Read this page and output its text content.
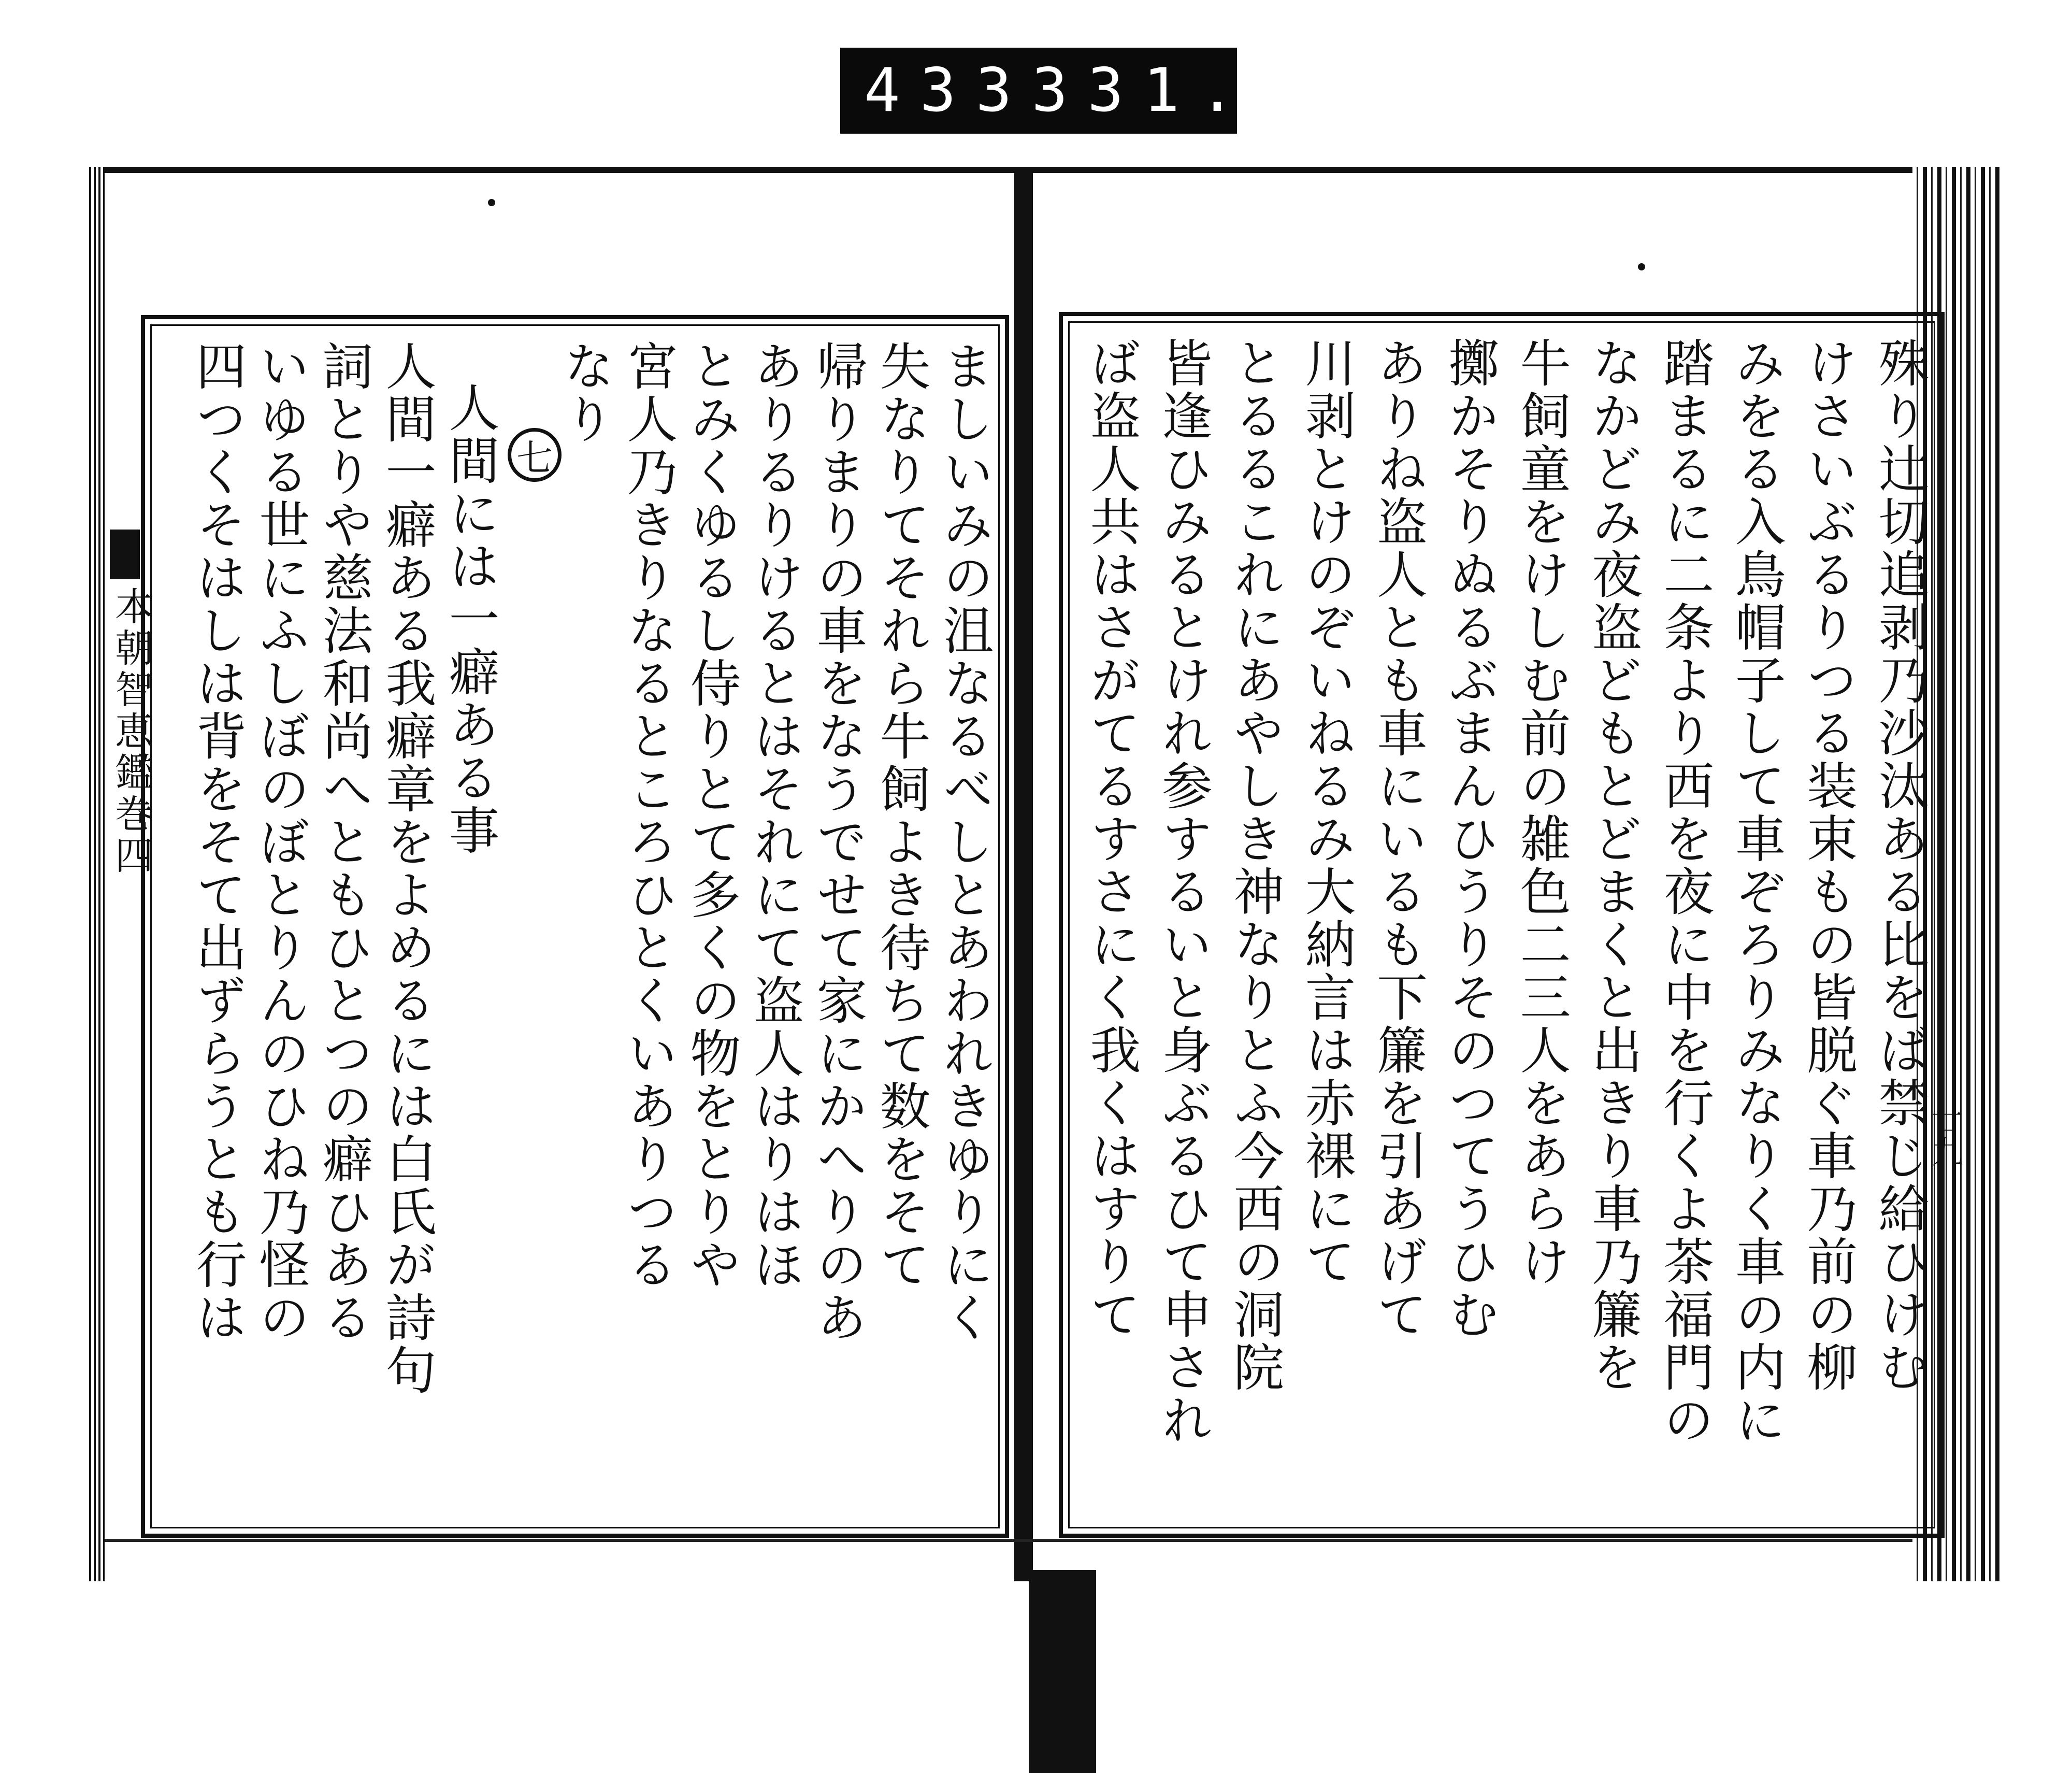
433 331.
本朝智恵鑑巻四
廿九
殊り辻切追剥乃沙汰ある比をば禁じ給ひけむ
けさいぶるりつる装束もの皆脱ぐ車乃前の柳
みをる入鳥帽子して車ぞろりみなりく車の内に
踏まるに二条より西を夜に中を行くよ茶福門の
なかどみ夜盗どもとどまくと出きり車乃簾を
牛飼童をけしむ前の雑色二三人をあらけ
擲かそりぬるぶまんひうりそのつてうひむ
ありね盗人とも車にいるも下簾を引あげて
川剥とけのぞいねるみ大納言は赤裸にて
とるるこれにあやしき神なりとふ今西の洞院
皆逢ひみるとけれ参するいと身ぶるひて申され
ば盗人共はさがてるすさにく我くはすりて
ましいみの沮なるべしとあわれきゆりにく
失なりてそれら牛飼よき待ちて数をそて
帰りまりの車をなうでせて家にかへりのあ
ありるりけるとはそれにて盗人はりはほ
とみくゆるし侍りとて多くの物をとりや
宮人乃きりなるところひとくいありつる
なり
七
人間には一癖ある事
人間一癖ある我癖章をよめるには白氏が詩句
詞とりや慈法和尚へともひとつの癖ひある
いゆる世にふしぼのぼとりんのひね乃怪の
四つくそはしは背をそて出ずらうとも行は
